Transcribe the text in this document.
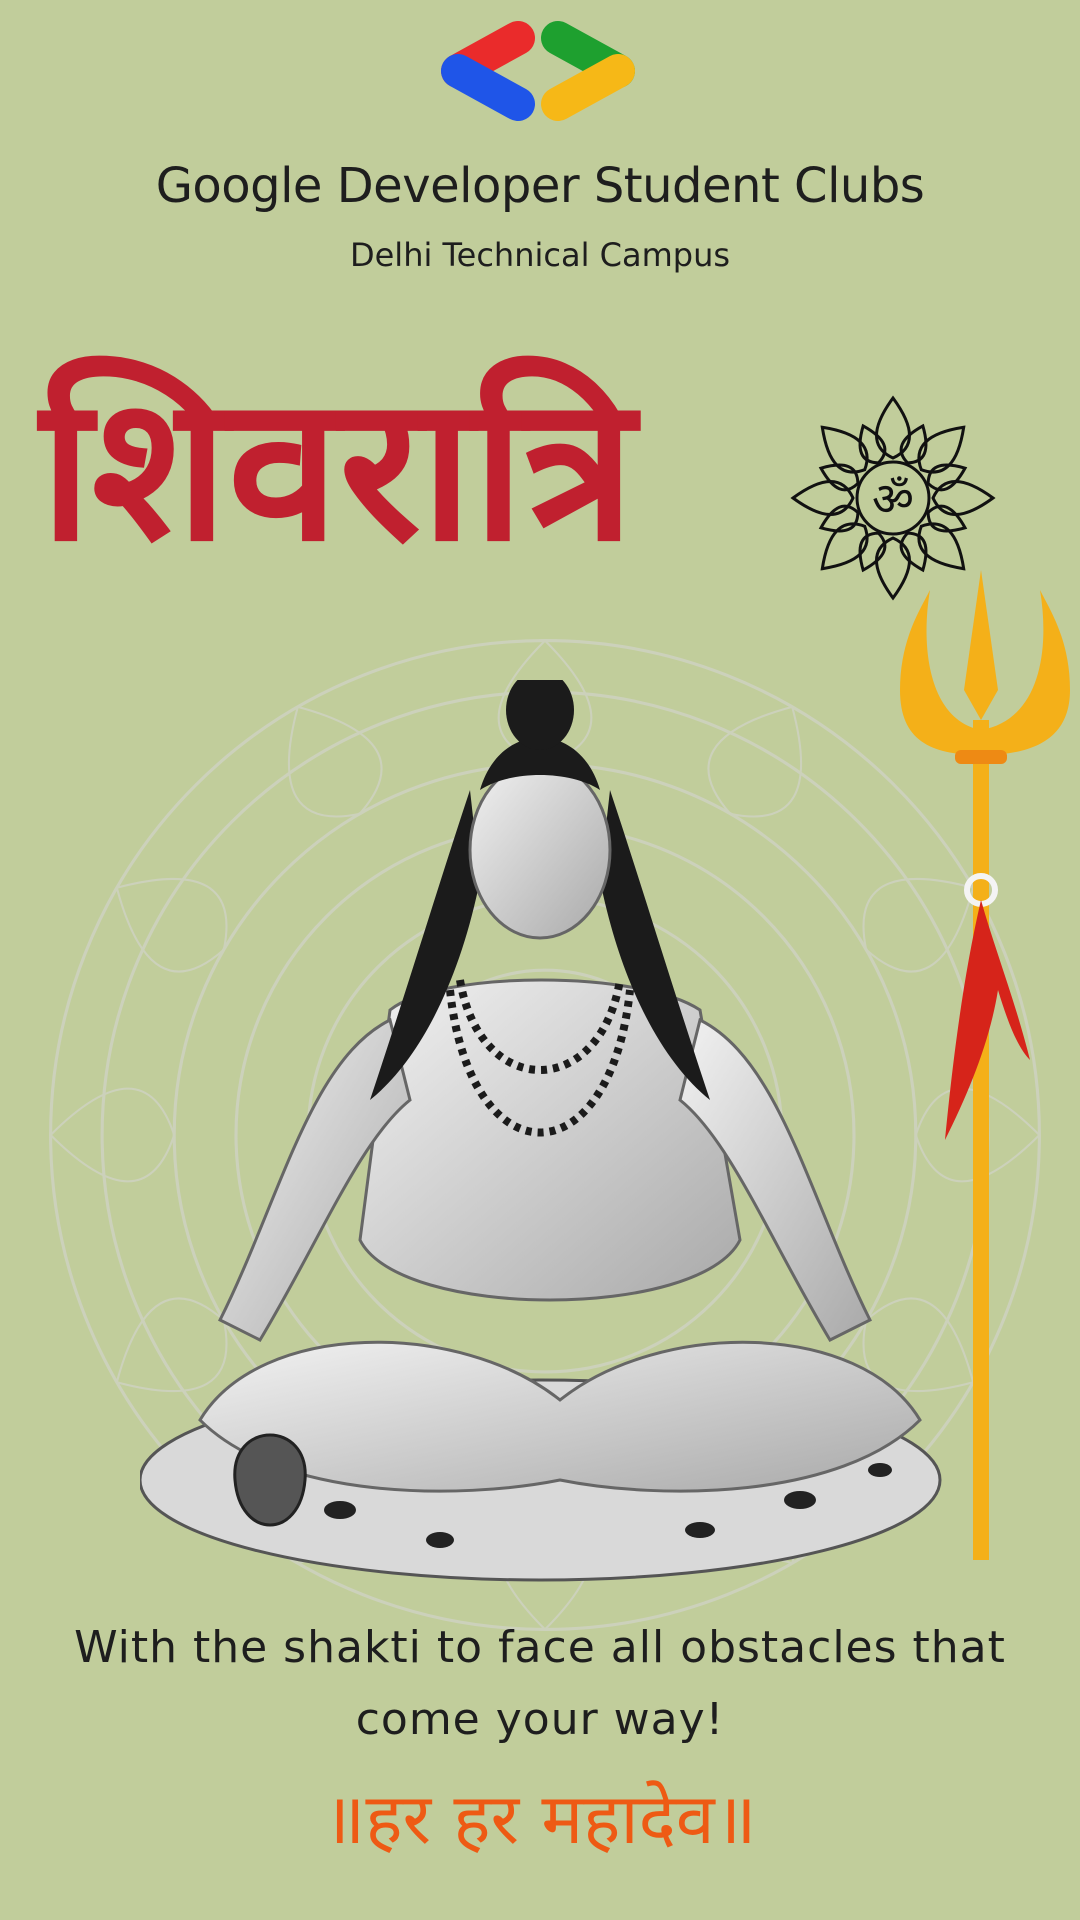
Google Developer Student Clubs
Delhi Technical Campus
शिवरात्रि	ॐ
With the shakti to face all obstacles that come your way!
॥हर हर महादेव॥
